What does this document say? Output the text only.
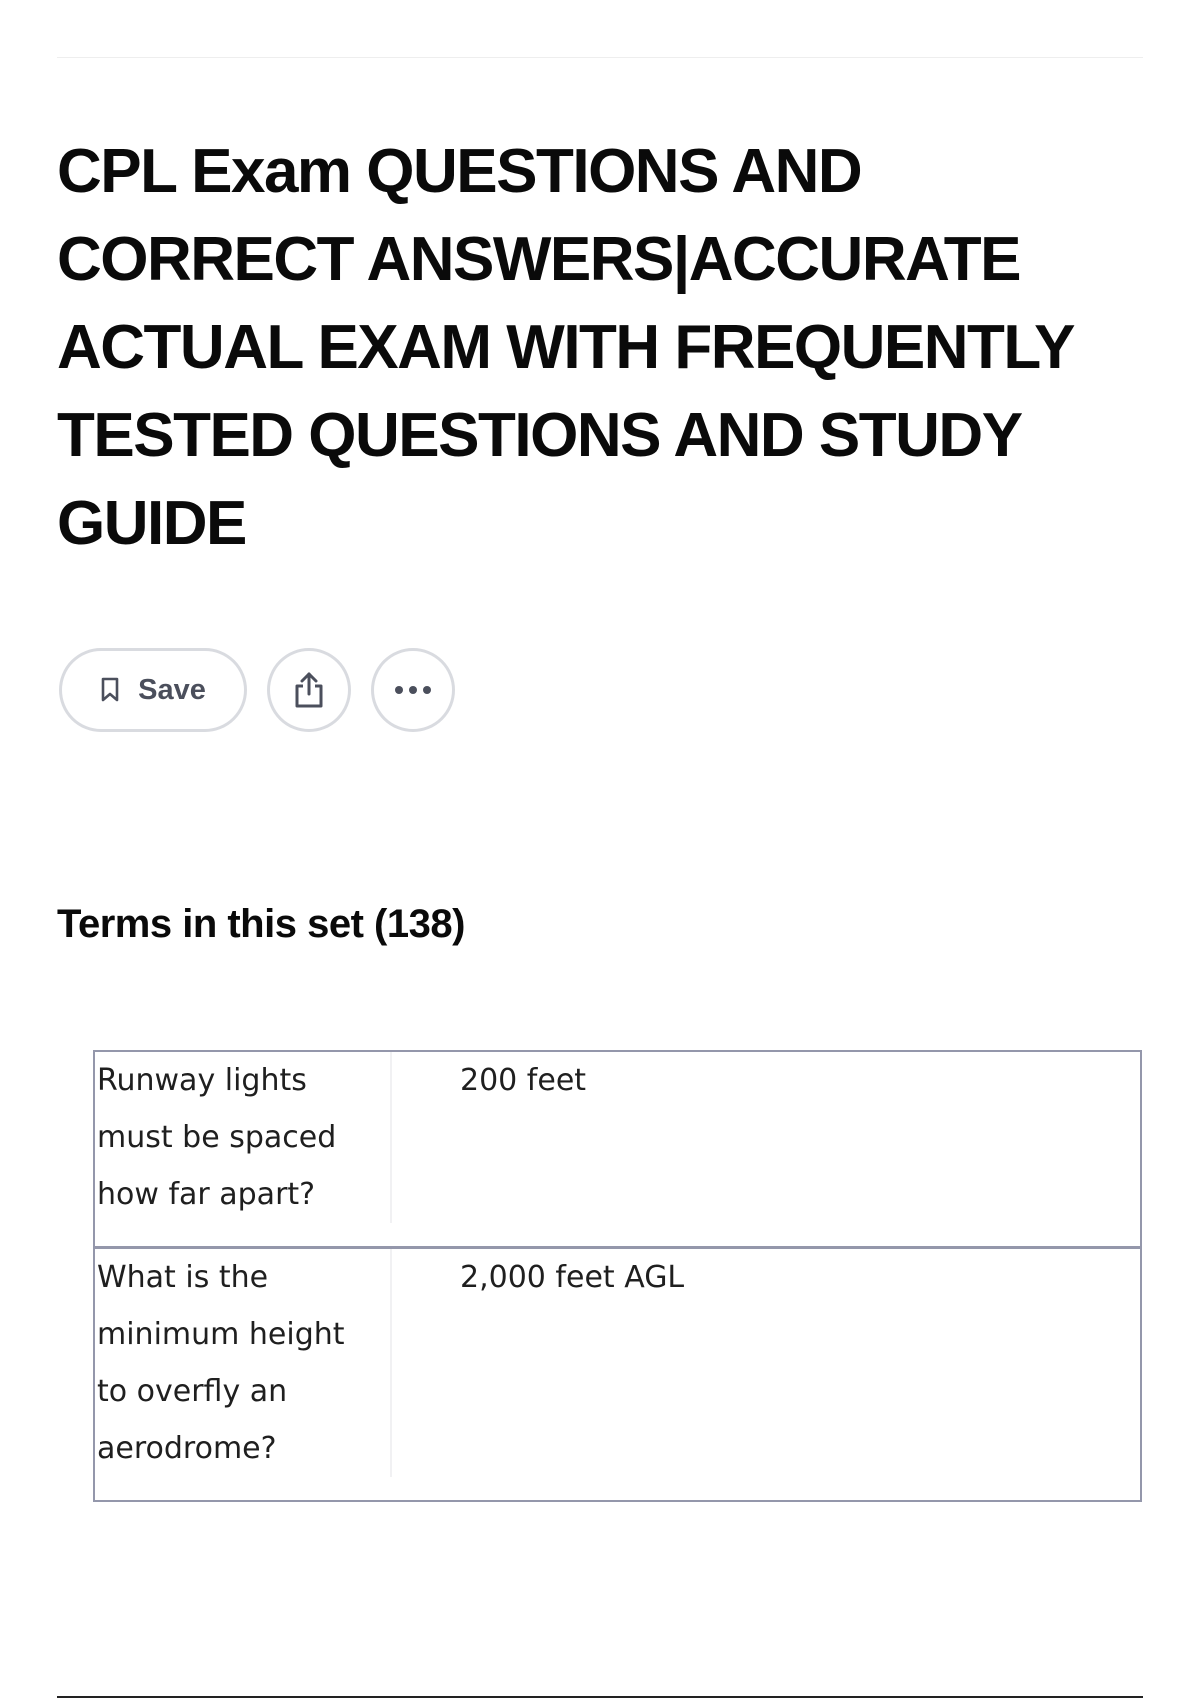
CPL Exam QUESTIONS AND CORRECT ANSWERS|ACCURATE ACTUAL EXAM WITH FREQUENTLY TESTED QUESTIONS AND STUDY GUIDE
Save
Terms in this set (138)
Runway lights must be spaced how far apart?	200 feet

What is the minimum height to overfly an aerodrome?	2,000 feet AGL
